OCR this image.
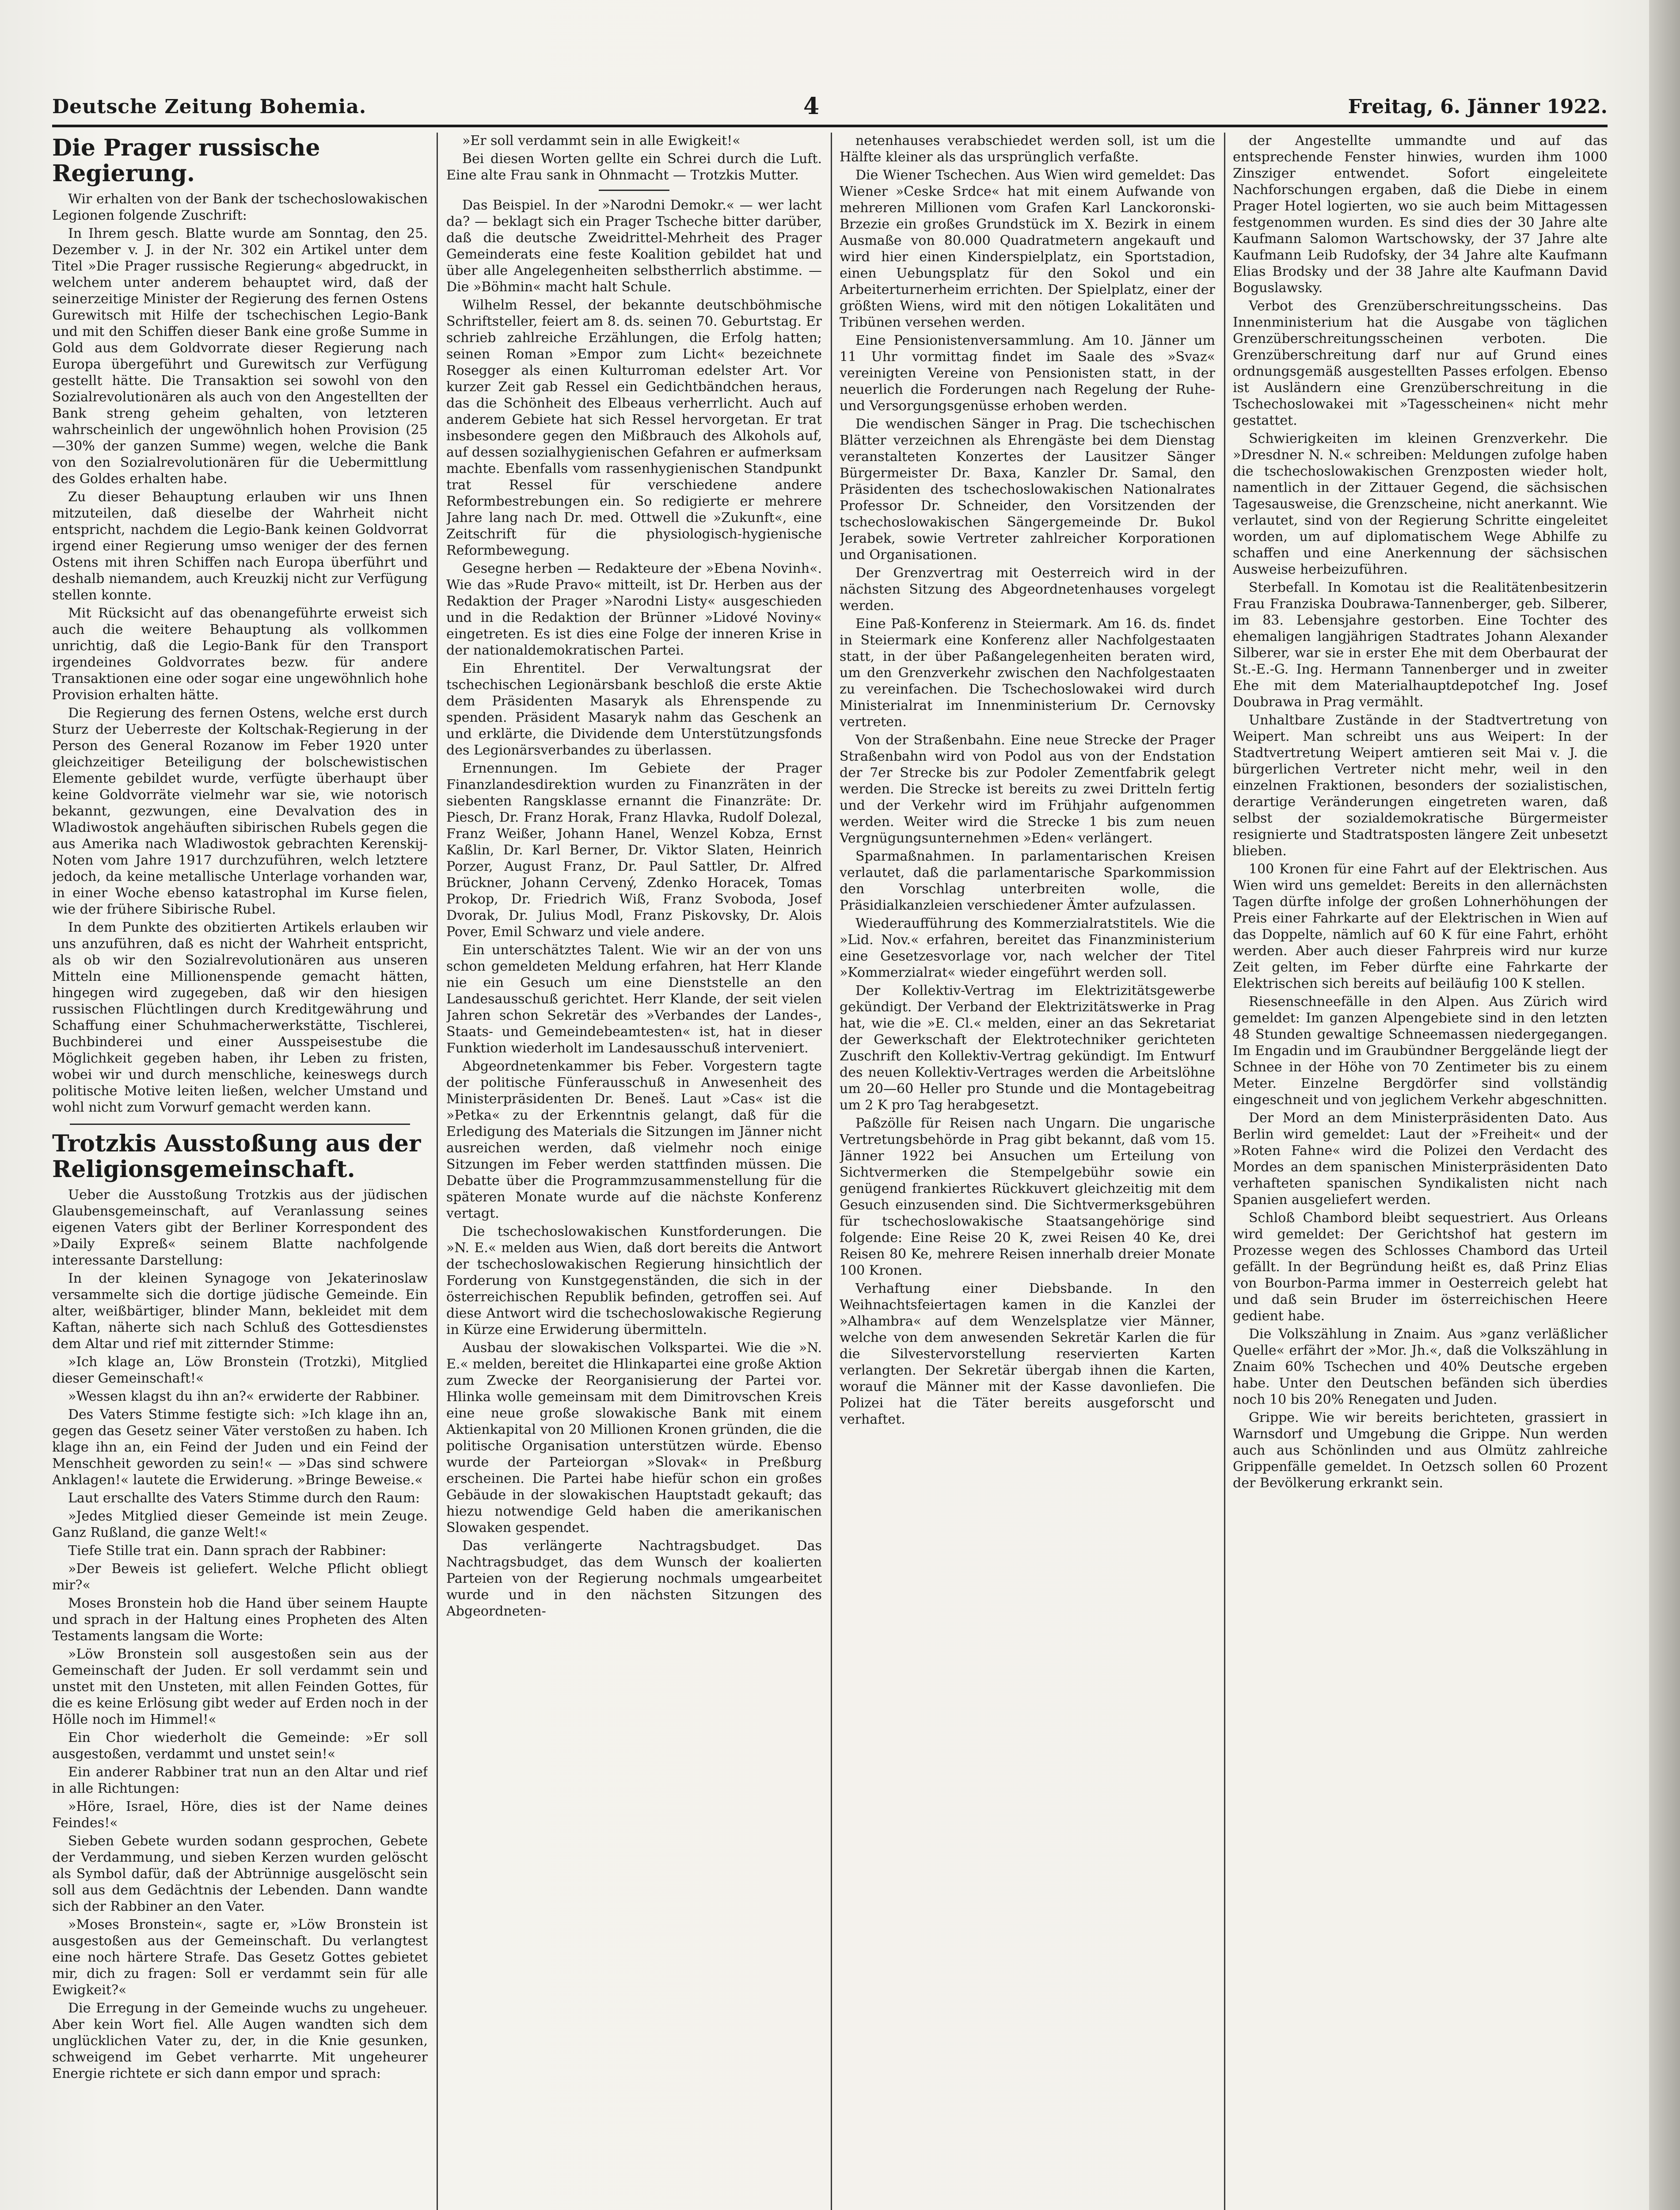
Deutsche Zeitung Bohemia.	4	Freitag, 6. Jänner 1922.
Die Prager russische Regierung.

Wir erhalten von der Bank der tschechoslowakischen Legionen folgende Zuschrift:

In Ihrem gesch. Blatte wurde am Sonntag, den 25. Dezember v. J. in der Nr. 302 ein Artikel unter dem Titel »Die Prager russische Regierung« abgedruckt, in welchem unter anderem behauptet wird, daß der seinerzeitige Minister der Regierung des fernen Ostens Gurewitsch mit Hilfe der tschechischen Legio-Bank und mit den Schiffen dieser Bank eine große Summe in Gold aus dem Goldvorrate dieser Regierung nach Europa übergeführt und Gurewitsch zur Verfügung gestellt hätte. Die Transaktion sei sowohl von den Sozialrevolutionären als auch von den Angestellten der Bank streng geheim gehalten, von letzteren wahrscheinlich der ungewöhnlich hohen Provision (25—30% der ganzen Summe) wegen, welche die Bank von den Sozialrevolutionären für die Uebermittlung des Goldes erhalten habe.

Zu dieser Behauptung erlauben wir uns Ihnen mitzuteilen, daß dieselbe der Wahrheit nicht entspricht, nachdem die Legio-Bank keinen Goldvorrat irgend einer Regierung umso weniger der des fernen Ostens mit ihren Schiffen nach Europa überführt und deshalb niemandem, auch Kreuzkij nicht zur Verfügung stellen konnte.

Mit Rücksicht auf das obenangeführte erweist sich auch die weitere Behauptung als vollkommen unrichtig, daß die Legio-Bank für den Transport irgendeines Goldvorrates bezw. für andere Transaktionen eine oder sogar eine ungewöhnlich hohe Provision erhalten hätte.

Die Regierung des fernen Ostens, welche erst durch Sturz der Ueberreste der Koltschak-Regierung in der Person des General Rozanow im Feber 1920 unter gleichzeitiger Beteiligung der bolschewistischen Elemente gebildet wurde, verfügte überhaupt über keine Goldvorräte vielmehr war sie, wie notorisch bekannt, gezwungen, eine Devalvation des in Wladiwostok angehäuften sibirischen Rubels gegen die aus Amerika nach Wladiwostok gebrachten Kerenskij-Noten vom Jahre 1917 durchzuführen, welch letztere jedoch, da keine metallische Unterlage vorhanden war, in einer Woche ebenso katastrophal im Kurse fielen, wie der frühere Sibirische Rubel.

In dem Punkte des obzitierten Artikels erlauben wir uns anzuführen, daß es nicht der Wahrheit entspricht, als ob wir den Sozialrevolutionären aus unseren Mitteln eine Millionenspende gemacht hätten, hingegen wird zugegeben, daß wir den hiesigen russischen Flüchtlingen durch Kreditgewährung und Schaffung einer Schuhmacherwerkstätte, Tischlerei, Buchbinderei und einer Ausspeisestube die Möglichkeit gegeben haben, ihr Leben zu fristen, wobei wir und durch menschliche, keineswegs durch politische Motive leiten ließen, welcher Umstand und wohl nicht zum Vorwurf gemacht werden kann.

Trotzkis Ausstoßung aus der Religionsgemeinschaft.

Ueber die Ausstoßung Trotzkis aus der jüdischen Glaubensgemeinschaft, auf Veranlassung seines eigenen Vaters gibt der Berliner Korrespondent des »Daily Expreß« seinem Blatte nachfolgende interessante Darstellung:

In der kleinen Synagoge von Jekaterinoslaw versammelte sich die dortige jüdische Gemeinde. Ein alter, weißbärtiger, blinder Mann, bekleidet mit dem Kaftan, näherte sich nach Schluß des Gottesdienstes dem Altar und rief mit zitternder Stimme:

»Ich klage an, Löw Bronstein (Trotzki), Mitglied dieser Gemeinschaft!«

»Wessen klagst du ihn an?« erwiderte der Rabbiner.

Des Vaters Stimme festigte sich: »Ich klage ihn an, gegen das Gesetz seiner Väter verstoßen zu haben. Ich klage ihn an, ein Feind der Juden und ein Feind der Menschheit geworden zu sein!« — »Das sind schwere Anklagen!« lautete die Erwiderung. »Bringe Beweise.«

Laut erschallte des Vaters Stimme durch den Raum:

»Jedes Mitglied dieser Gemeinde ist mein Zeuge. Ganz Rußland, die ganze Welt!«

Tiefe Stille trat ein. Dann sprach der Rabbiner:

»Der Beweis ist geliefert. Welche Pflicht obliegt mir?«

Moses Bronstein hob die Hand über seinem Haupte und sprach in der Haltung eines Propheten des Alten Testaments langsam die Worte:

»Löw Bronstein soll ausgestoßen sein aus der Gemeinschaft der Juden. Er soll verdammt sein und unstet mit den Unsteten, mit allen Feinden Gottes, für die es keine Erlösung gibt weder auf Erden noch in der Hölle noch im Himmel!«

Ein Chor wiederholt die Gemeinde: »Er soll ausgestoßen, verdammt und unstet sein!«

Ein anderer Rabbiner trat nun an den Altar und rief in alle Richtungen:

»Höre, Israel, Höre, dies ist der Name deines Feindes!«

Sieben Gebete wurden sodann gesprochen, Gebete der Verdammung, und sieben Kerzen wurden gelöscht als Symbol dafür, daß der Abtrünnige ausgelöscht sein soll aus dem Gedächtnis der Lebenden. Dann wandte sich der Rabbiner an den Vater.

»Moses Bronstein«, sagte er, »Löw Bronstein ist ausgestoßen aus der Gemeinschaft. Du verlangtest eine noch härtere Strafe. Das Gesetz Gottes gebietet mir, dich zu fragen: Soll er verdammt sein für alle Ewigkeit?«

Die Erregung in der Gemeinde wuchs zu ungeheuer. Aber kein Wort fiel. Alle Augen wandten sich dem unglücklichen Vater zu, der, in die Knie gesunken, schweigend im Gebet verharrte. Mit ungeheurer Energie richtete er sich dann empor und sprach:

»Er soll verdammt sein in alle Ewigkeit!«

Bei diesen Worten gellte ein Schrei durch die Luft. Eine alte Frau sank in Ohnmacht — Trotzkis Mutter.

Das Beispiel. In der »Narodni Demokr.« — wer lacht da? — beklagt sich ein Prager Tscheche bitter darüber, daß die deutsche Zweidrittel-Mehrheit des Prager Gemeinderats eine feste Koalition gebildet hat und über alle Angelegenheiten selbstherrlich abstimme. — Die »Böhmin« macht halt Schule.

Wilhelm Ressel, der bekannte deutschböhmische Schriftsteller, feiert am 8. ds. seinen 70. Geburtstag. Er schrieb zahlreiche Erzählungen, die Erfolg hatten; seinen Roman »Empor zum Licht« bezeichnete Rosegger als einen Kulturroman edelster Art. Vor kurzer Zeit gab Ressel ein Gedichtbändchen heraus, das die Schönheit des Elbeaus verherrlicht. Auch auf anderem Gebiete hat sich Ressel hervorgetan. Er trat insbesondere gegen den Mißbrauch des Alkohols auf, auf dessen sozialhygienischen Gefahren er aufmerksam machte. Ebenfalls vom rassenhygienischen Standpunkt trat Ressel für verschiedene andere Reformbestrebungen ein. So redigierte er mehrere Jahre lang nach Dr. med. Ottwell die »Zukunft«, eine Zeitschrift für die physiologisch-hygienische Reformbewegung.

Gesegne herben — Redakteure der »Ebena Novinh«. Wie das »Rude Pravo« mitteilt, ist Dr. Herben aus der Redaktion der Prager »Narodni Listy« ausgeschieden und in die Redaktion der Brünner »Lidové Noviny« eingetreten. Es ist dies eine Folge der inneren Krise in der nationaldemokratischen Partei.

Ein Ehrentitel. Der Verwaltungsrat der tschechischen Legionärsbank beschloß die erste Aktie dem Präsidenten Masaryk als Ehrenspende zu spenden. Präsident Masaryk nahm das Geschenk an und erklärte, die Dividende dem Unterstützungsfonds des Legionärsverbandes zu überlassen.

Ernennungen. Im Gebiete der Prager Finanzlandesdirektion wurden zu Finanzräten in der siebenten Rangsklasse ernannt die Finanzräte: Dr. Piesch, Dr. Franz Horak, Franz Hlavka, Rudolf Dolezal, Franz Weißer, Johann Hanel, Wenzel Kobza, Ernst Kaßlin, Dr. Karl Berner, Dr. Viktor Slaten, Heinrich Porzer, August Franz, Dr. Paul Sattler, Dr. Alfred Brückner, Johann Cervený, Zdenko Horacek, Tomas Prokop, Dr. Friedrich Wiß, Franz Svoboda, Josef Dvorak, Dr. Julius Modl, Franz Piskovsky, Dr. Alois Pover, Emil Schwarz und viele andere.

Ein unterschätztes Talent. Wie wir an der von uns schon gemeldeten Meldung erfahren, hat Herr Klande nie ein Gesuch um eine Dienststelle an den Landesausschuß gerichtet. Herr Klande, der seit vielen Jahren schon Sekretär des »Verbandes der Landes-, Staats- und Gemeindebeamtesten« ist, hat in dieser Funktion wiederholt im Landesausschuß interveniert.

Abgeordnetenkammer bis Feber. Vorgestern tagte der politische Fünferausschuß in Anwesenheit des Ministerpräsidenten Dr. Beneš. Laut »Cas« ist die »Petka« zu der Erkenntnis gelangt, daß für die Erledigung des Materials die Sitzungen im Jänner nicht ausreichen werden, daß vielmehr noch einige Sitzungen im Feber werden stattfinden müssen. Die Debatte über die Programmzusammenstellung für die späteren Monate wurde auf die nächste Konferenz vertagt.

Die tschechoslowakischen Kunstforderungen. Die »N. E.« melden aus Wien, daß dort bereits die Antwort der tschechoslowakischen Regierung hinsichtlich der Forderung von Kunstgegenständen, die sich in der österreichischen Republik befinden, getroffen sei. Auf diese Antwort wird die tschechoslowakische Regierung in Kürze eine Erwiderung übermitteln.

Ausbau der slowakischen Volkspartei. Wie die »N. E.« melden, bereitet die Hlinkapartei eine große Aktion zum Zwecke der Reorganisierung der Partei vor. Hlinka wolle gemeinsam mit dem Dimitrovschen Kreis eine neue große slowakische Bank mit einem Aktienkapital von 20 Millionen Kronen gründen, die die politische Organisation unterstützen würde. Ebenso wurde der Parteiorgan »Slovak« in Preßburg erscheinen. Die Partei habe hiefür schon ein großes Gebäude in der slowakischen Hauptstadt gekauft; das hiezu notwendige Geld haben die amerikanischen Slowaken gespendet.

Das verlängerte Nachtragsbudget. Das Nachtragsbudget, das dem Wunsch der koalierten Parteien von der Regierung nochmals umgearbeitet wurde und in den nächsten Sitzungen des Abgeordneten-

netenhauses verabschiedet werden soll, ist um die Hälfte kleiner als das ursprünglich verfaßte.

Die Wiener Tschechen. Aus Wien wird gemeldet: Das Wiener »Ceske Srdce« hat mit einem Aufwande von mehreren Millionen vom Grafen Karl Lanckoronski-Brzezie ein großes Grundstück im X. Bezirk in einem Ausmaße von 80.000 Quadratmetern angekauft und wird hier einen Kinderspielplatz, ein Sportstadion, einen Uebungsplatz für den Sokol und ein Arbeiterturnerheim errichten. Der Spielplatz, einer der größten Wiens, wird mit den nötigen Lokalitäten und Tribünen versehen werden.

Eine Pensionistenversammlung. Am 10. Jänner um 11 Uhr vormittag findet im Saale des »Svaz« vereinigten Vereine von Pensionisten statt, in der neuerlich die Forderungen nach Regelung der Ruhe- und Versorgungsgenüsse erhoben werden.

Die wendischen Sänger in Prag. Die tschechischen Blätter verzeichnen als Ehrengäste bei dem Dienstag veranstalteten Konzertes der Lausitzer Sänger Bürgermeister Dr. Baxa, Kanzler Dr. Samal, den Präsidenten des tschechoslowakischen Nationalrates Professor Dr. Schneider, den Vorsitzenden der tschechoslowakischen Sängergemeinde Dr. Bukol Jerabek, sowie Vertreter zahlreicher Korporationen und Organisationen.

Der Grenzvertrag mit Oesterreich wird in der nächsten Sitzung des Abgeordnetenhauses vorgelegt werden.

Eine Paß-Konferenz in Steiermark. Am 16. ds. findet in Steiermark eine Konferenz aller Nachfolgestaaten statt, in der über Paßangelegenheiten beraten wird, um den Grenzverkehr zwischen den Nachfolgestaaten zu vereinfachen. Die Tschechoslowakei wird durch Ministerialrat im Innenministerium Dr. Cernovsky vertreten.

Von der Straßenbahn. Eine neue Strecke der Prager Straßenbahn wird von Podol aus von der Endstation der 7er Strecke bis zur Podoler Zementfabrik gelegt werden. Die Strecke ist bereits zu zwei Dritteln fertig und der Verkehr wird im Frühjahr aufgenommen werden. Weiter wird die Strecke 1 bis zum neuen Vergnügungsunternehmen »Eden« verlängert.

Sparmaßnahmen. In parlamentarischen Kreisen verlautet, daß die parlamentarische Sparkommission den Vorschlag unterbreiten wolle, die Präsidialkanzleien verschiedener Ämter aufzulassen.

Wiederaufführung des Kommerzialratstitels. Wie die »Lid. Nov.« erfahren, bereitet das Finanzministerium eine Gesetzesvorlage vor, nach welcher der Titel »Kommerzialrat« wieder eingeführt werden soll.

Der Kollektiv-Vertrag im Elektrizitätsgewerbe gekündigt. Der Verband der Elektrizitätswerke in Prag hat, wie die »E. Cl.« melden, einer an das Sekretariat der Gewerkschaft der Elektrotechniker gerichteten Zuschrift den Kollektiv-Vertrag gekündigt. Im Entwurf des neuen Kollektiv-Vertrages werden die Arbeitslöhne um 20—60 Heller pro Stunde und die Montagebeitrag um 2 K pro Tag herabgesetzt.

Paßzölle für Reisen nach Ungarn. Die ungarische Vertretungsbehörde in Prag gibt bekannt, daß vom 15. Jänner 1922 bei Ansuchen um Erteilung von Sichtvermerken die Stempelgebühr sowie ein genügend frankiertes Rückkuvert gleichzeitig mit dem Gesuch einzusenden sind. Die Sichtvermerksgebühren für tschechoslowakische Staatsangehörige sind folgende: Eine Reise 20 K, zwei Reisen 40 Ke, drei Reisen 80 Ke, mehrere Reisen innerhalb dreier Monate 100 Kronen.

Verhaftung einer Diebsbande. In den Weihnachtsfeiertagen kamen in die Kanzlei der »Alhambra« auf dem Wenzelsplatze vier Männer, welche von dem anwesenden Sekretär Karlen die für die Silvestervorstellung reservierten Karten verlangten. Der Sekretär übergab ihnen die Karten, worauf die Männer mit der Kasse davonliefen. Die Polizei hat die Täter bereits ausgeforscht und verhaftet.

der Angestellte ummandte und auf das entsprechende Fenster hinwies, wurden ihm 1000 Zinsziger entwendet. Sofort eingeleitete Nachforschungen ergaben, daß die Diebe in einem Prager Hotel logierten, wo sie auch beim Mittagessen festgenommen wurden. Es sind dies der 30 Jahre alte Kaufmann Salomon Wartschowsky, der 37 Jahre alte Kaufmann Leib Rudofsky, der 34 Jahre alte Kaufmann Elias Brodsky und der 38 Jahre alte Kaufmann David Boguslawsky.

Verbot des Grenzüberschreitungsscheins. Das Innenministerium hat die Ausgabe von täglichen Grenzüberschreitungsscheinen verboten. Die Grenzüberschreitung darf nur auf Grund eines ordnungsgemäß ausgestellten Passes erfolgen. Ebenso ist Ausländern eine Grenzüberschreitung in die Tschechoslowakei mit »Tagesscheinen« nicht mehr gestattet.

Schwierigkeiten im kleinen Grenzverkehr. Die »Dresdner N. N.« schreiben: Meldungen zufolge haben die tschechoslowakischen Grenzposten wieder holt, namentlich in der Zittauer Gegend, die sächsischen Tagesausweise, die Grenzscheine, nicht anerkannt. Wie verlautet, sind von der Regierung Schritte eingeleitet worden, um auf diplomatischem Wege Abhilfe zu schaffen und eine Anerkennung der sächsischen Ausweise herbeizuführen.

Sterbefall. In Komotau ist die Realitätenbesitzerin Frau Franziska Doubrawa-Tannenberger, geb. Silberer, im 83. Lebensjahre gestorben. Eine Tochter des ehemaligen langjährigen Stadtrates Johann Alexander Silberer, war sie in erster Ehe mit dem Oberbaurat der St.-E.-G. Ing. Hermann Tannenberger und in zweiter Ehe mit dem Materialhauptdepotchef Ing. Josef Doubrawa in Prag vermählt.

Unhaltbare Zustände in der Stadtvertretung von Weipert. Man schreibt uns aus Weipert: In der Stadtvertretung Weipert amtieren seit Mai v. J. die bürgerlichen Vertreter nicht mehr, weil in den einzelnen Fraktionen, besonders der sozialistischen, derartige Veränderungen eingetreten waren, daß selbst der sozialdemokratische Bürgermeister resignierte und Stadtratsposten längere Zeit unbesetzt blieben.

100 Kronen für eine Fahrt auf der Elektrischen. Aus Wien wird uns gemeldet: Bereits in den allernächsten Tagen dürfte infolge der großen Lohnerhöhungen der Preis einer Fahrkarte auf der Elektrischen in Wien auf das Doppelte, nämlich auf 60 K für eine Fahrt, erhöht werden. Aber auch dieser Fahrpreis wird nur kurze Zeit gelten, im Feber dürfte eine Fahrkarte der Elektrischen sich bereits auf beiläufig 100 K stellen.

Riesenschneefälle in den Alpen. Aus Zürich wird gemeldet: Im ganzen Alpengebiete sind in den letzten 48 Stunden gewaltige Schneemassen niedergegangen. Im Engadin und im Graubündner Berggelände liegt der Schnee in der Höhe von 70 Zentimeter bis zu einem Meter. Einzelne Bergdörfer sind vollständig eingeschneit und von jeglichem Verkehr abgeschnitten.

Der Mord an dem Ministerpräsidenten Dato. Aus Berlin wird gemeldet: Laut der »Freiheit« und der »Roten Fahne« wird die Polizei den Verdacht des Mordes an dem spanischen Ministerpräsidenten Dato verhafteten spanischen Syndikalisten nicht nach Spanien ausgeliefert werden.

Schloß Chambord bleibt sequestriert. Aus Orleans wird gemeldet: Der Gerichtshof hat gestern im Prozesse wegen des Schlosses Chambord das Urteil gefällt. In der Begründung heißt es, daß Prinz Elias von Bourbon-Parma immer in Oesterreich gelebt hat und daß sein Bruder im österreichischen Heere gedient habe.

Die Volkszählung in Znaim. Aus »ganz verläßlicher Quelle« erfährt der »Mor. Jh.«, daß die Volkszählung in Znaim 60% Tschechen und 40% Deutsche ergeben habe. Unter den Deutschen befänden sich überdies noch 10 bis 20% Renegaten und Juden.

Grippe. Wie wir bereits berichteten, grassiert in Warnsdorf und Umgebung die Grippe. Nun werden auch aus Schönlinden und aus Olmütz zahlreiche Grippenfälle gemeldet. In Oetzsch sollen 60 Prozent der Bevölkerung erkrankt sein.
